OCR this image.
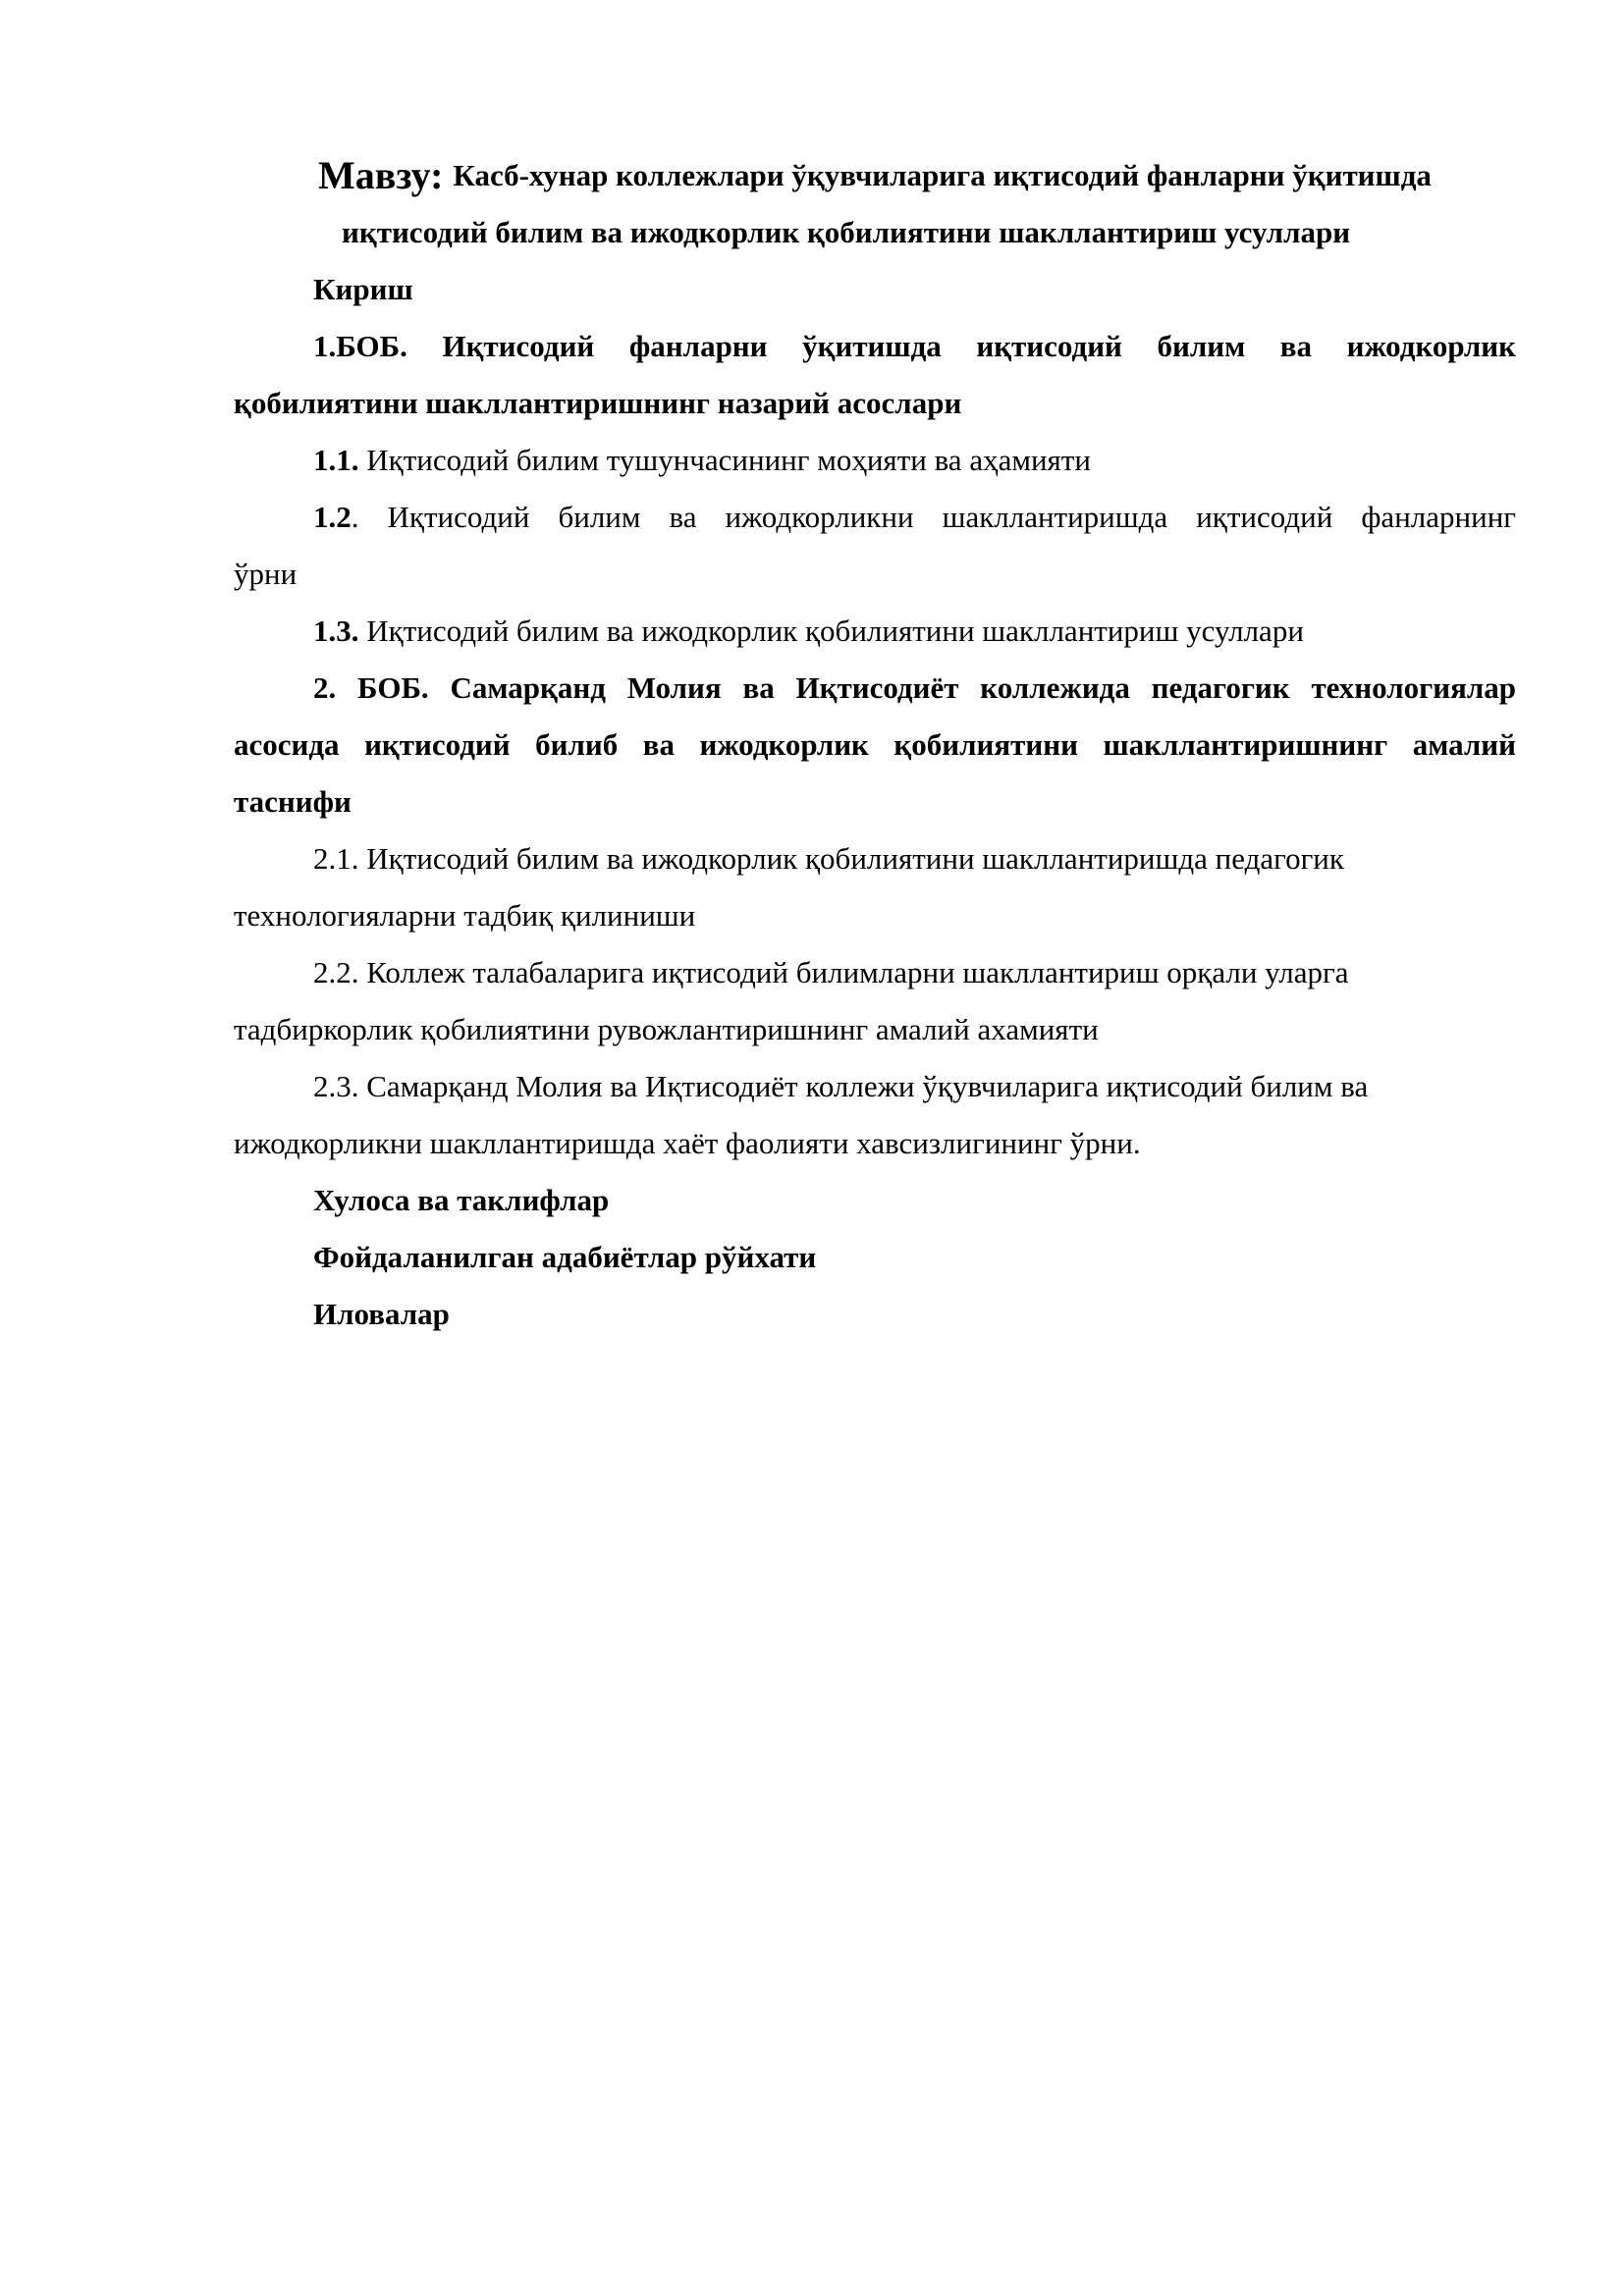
Мавзу: Касб-хунар коллежлари ўқувчиларига иқтисодий фанларни ўқитишда
иқтисодий билим ва ижодкорлик қобилиятини шакллантириш усуллари
Кириш
1.БОБ. Иқтисодий фанларни ўқитишда иқтисодий билим ва ижодкорлик
қобилиятини шакллантиришнинг назарий асослари
1.1. Иқтисодий билим тушунчасининг моҳияти ва аҳамияти
1.2. Иқтисодий билим ва ижодкорликни шакллантиришда иқтисодий фанларнинг
ўрни
1.3. Иқтисодий билим ва ижодкорлик қобилиятини шакллантириш усуллари
2. БОБ. Самарқанд Молия ва Иқтисодиёт коллежида педагогик технологиялар
асосида иқтисодий билиб ва ижодкорлик қобилиятини шакллантиришнинг амалий
таснифи
2.1. Иқтисодий билим ва ижодкорлик қобилиятини шакллантиришда педагогик
технологияларни тадбиқ қилиниши
2.2. Коллеж талабаларига иқтисодий билимларни шакллантириш орқали уларга
тадбиркорлик қобилиятини рувожлантиришнинг амалий ахамияти
2.3. Самарқанд Молия ва Иқтисодиёт коллежи ўқувчиларига иқтисодий билим ва
ижодкорликни шакллантиришда хаёт фаолияти хавсизлигининг ўрни.
Хулоса ва таклифлар
Фойдаланилган адабиётлар рўйхати
Иловалар
